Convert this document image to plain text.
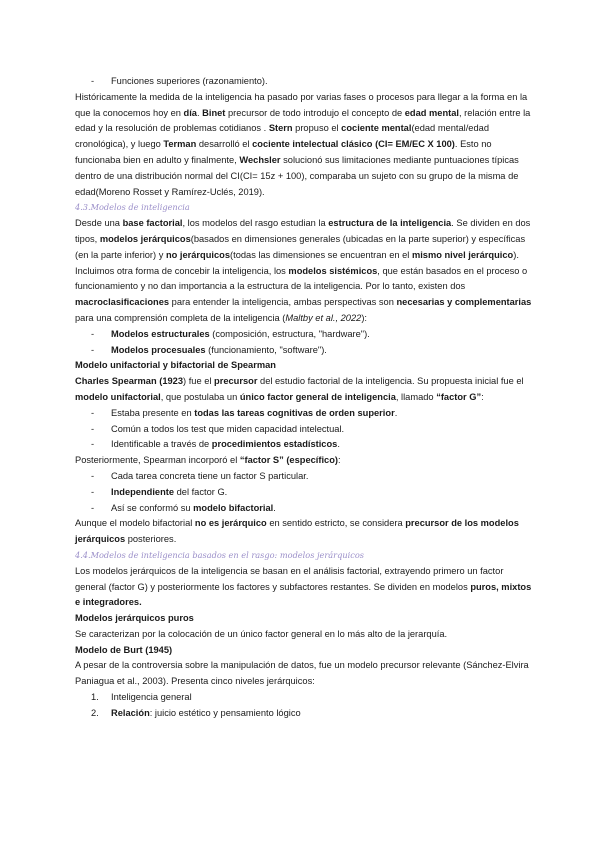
- Funciones superiores (razonamiento).

Históricamente la medida de la inteligencia ha pasado por varias fases o procesos para llegar a la forma en la que la conocemos hoy en día. Binet precursor de todo introdujo el concepto de edad mental, relación entre la edad y la resolución de problemas cotidianos . Stern propuso el cociente mental(edad mental/edad cronológica), y luego Terman desarrolló el cociente intelectual clásico (CI= EM/EC X 100). Esto no funcionaba bien en adulto y finalmente, Wechsler solucionó sus limitaciones mediante puntuaciones típicas dentro de una distribución normal del CI(CI= 15z + 100), comparaba un sujeto con su grupo de la misma de edad(Moreno Rosset y Ramírez-Uclés, 2019).

4.3.Modelos de inteligencia

Desde una base factorial, los modelos del rasgo estudian la estructura de la inteligencia. Se dividen en dos tipos, modelos jerárquicos(basados en dimensiones generales (ubicadas en la parte superior) y específicas (en la parte inferior) y no jerárquicos(todas las dimensiones se encuentran en el mismo nivel jerárquico).

Incluimos otra forma de concebir la inteligencia, los modelos sistémicos, que están basados en el proceso o funcionamiento y no dan importancia a la estructura de la inteligencia. Por lo tanto, existen dos macroclasificaciones para entender la inteligencia, ambas perspectivas son necesarias y complementarias para una comprensión completa de la inteligencia (Maltby et al., 2022):

- Modelos estructurales (composición, estructura, "hardware").
- Modelos procesuales (funcionamiento, "software").

Modelo unifactorial y bifactorial de Spearman

Charles Spearman (1923) fue el precursor del estudio factorial de la inteligencia. Su propuesta inicial fue el modelo unifactorial, que postulaba un único factor general de inteligencia, llamado “factor G”:

- Estaba presente en todas las tareas cognitivas de orden superior.
- Común a todos los test que miden capacidad intelectual.
- Identificable a través de procedimientos estadísticos.

Posteriormente, Spearman incorporó el “factor S” (específico):

- Cada tarea concreta tiene un factor S particular.
- Independiente del factor G.
- Así se conformó su modelo bifactorial.

Aunque el modelo bifactorial no es jerárquico en sentido estricto, se considera precursor de los modelos jerárquicos posteriores.

4.4.Modelos de inteligencia basados en el rasgo: modelos jerárquicos

Los modelos jerárquicos de la inteligencia se basan en el análisis factorial, extrayendo primero un factor general (factor G) y posteriormente los factores y subfactores restantes. Se dividen en modelos puros, mixtos e integradores.

Modelos jerárquicos puros

Se caracterizan por la colocación de un único factor general en lo más alto de la jerarquía.

Modelo de Burt (1945)

A pesar de la controversia sobre la manipulación de datos, fue un modelo precursor relevante (Sánchez-Elvira Paniagua et al., 2003). Presenta cinco niveles jerárquicos:

1. Inteligencia general
2. Relación: juicio estético y pensamiento lógico
